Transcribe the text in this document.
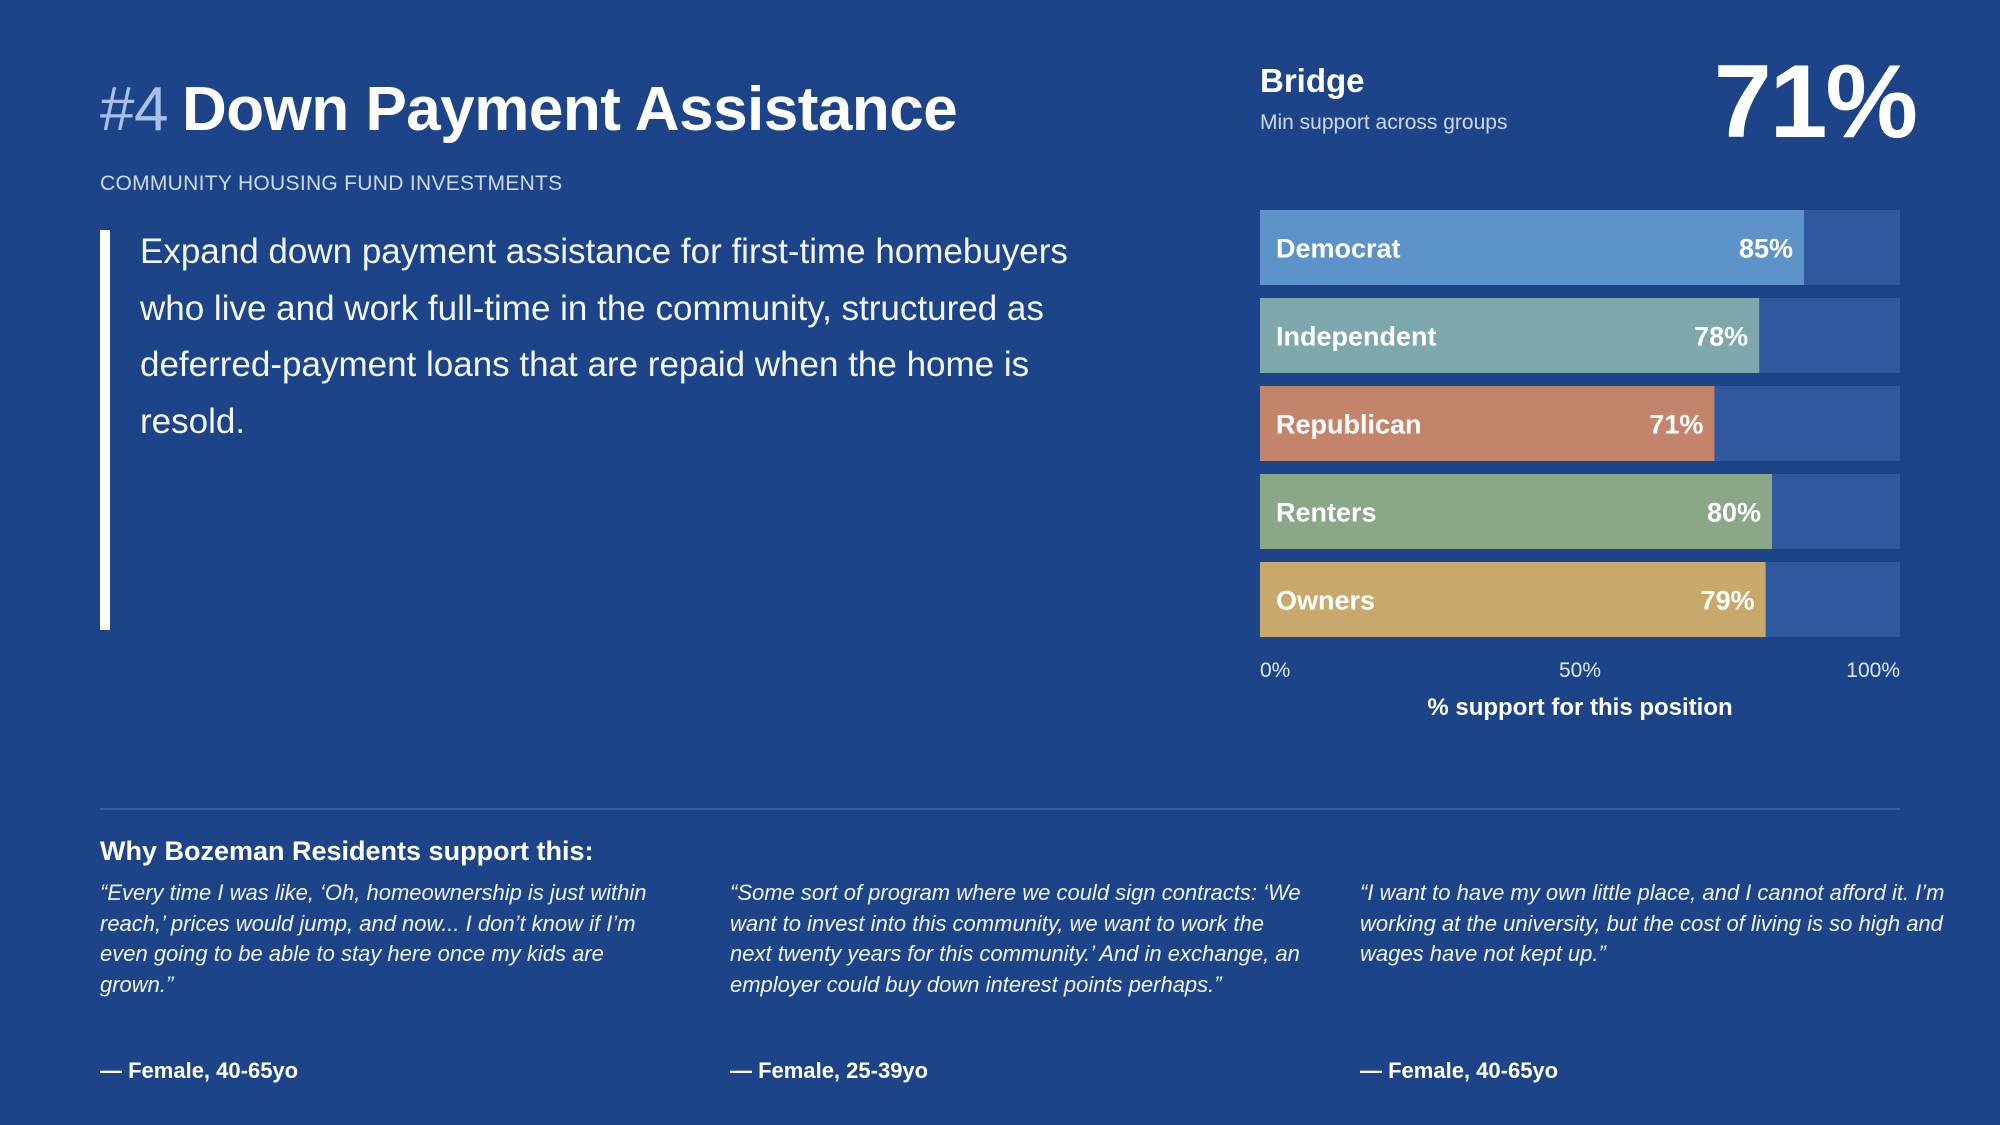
#4 Down Payment Assistance
COMMUNITY HOUSING FUND INVESTMENTS
Expand down payment assistance for first-time homebuyers who live and work full-time in the community, structured as deferred-payment loans that are repaid when the home is resold.
Bridge
Min support across groups 71%
Democrat	85%
Independent	78%
Republican	71%
Renters	80%
Owners	79%
0%	50%	100%
% support for this position
Why Bozeman Residents support this:
“Every time I was like, ‘Oh, homeownership is just within reach,’ prices would jump, and now... I don’t know if I’m even going to be able to stay here once my kids are grown.”
— Female, 40-65yo
“Some sort of program where we could sign contracts: ‘We want to invest into this community, we want to work the next twenty years for this community.’ And in exchange, an employer could buy down interest points perhaps.”
— Female, 25-39yo
“I want to have my own little place, and I cannot afford it. I’m working at the university, but the cost of living is so high and wages have not kept up.”
— Female, 40-65yo
